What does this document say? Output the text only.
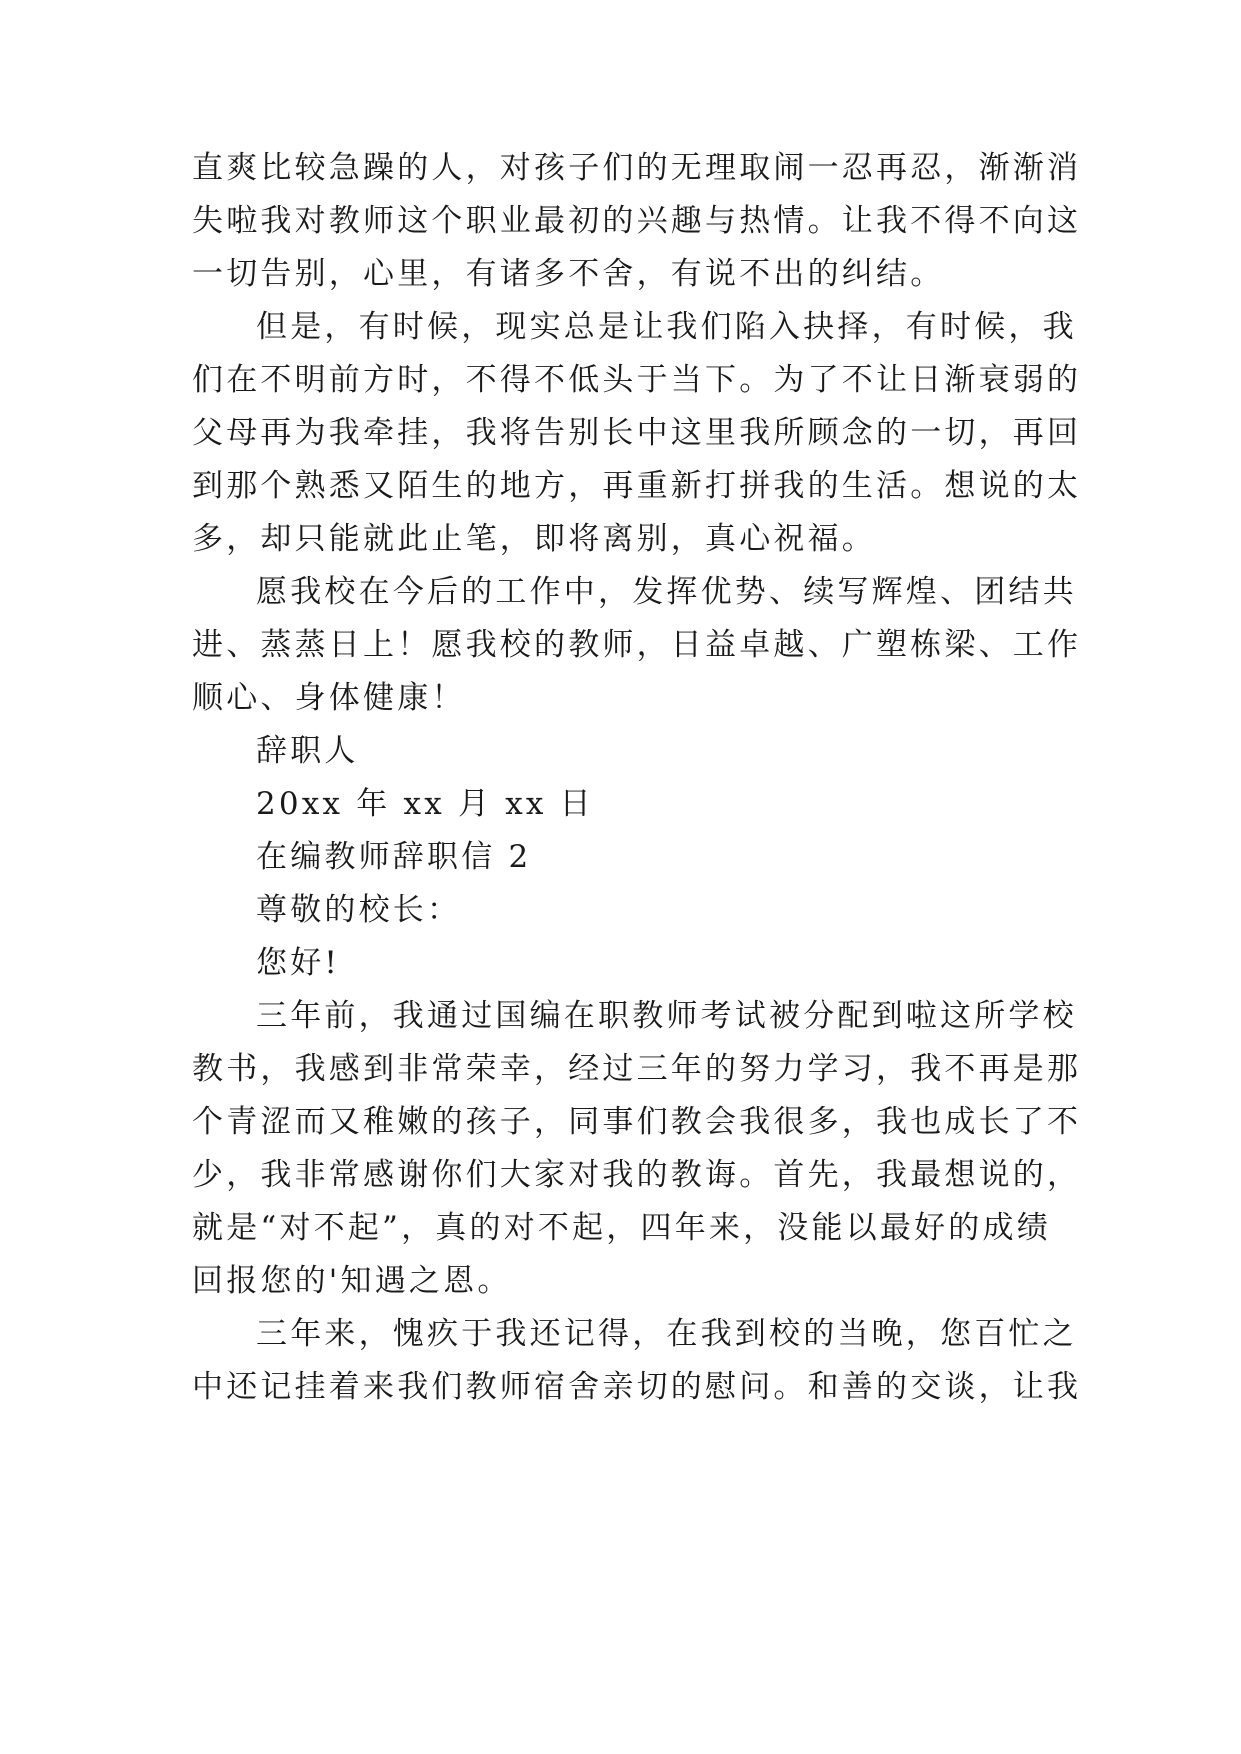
直爽比较急躁的人，对孩子们的无理取闹一忍再忍，渐渐消
失啦我对教师这个职业最初的兴趣与热情。让我不得不向这
一切告别，心里，有诸多不舍，有说不出的纠结。
但是，有时候，现实总是让我们陷入抉择，有时候，我
们在不明前方时，不得不低头于当下。为了不让日渐衰弱的
父母再为我牵挂，我将告别长中这里我所顾念的一切，再回
到那个熟悉又陌生的地方，再重新打拼我的生活。想说的太
多，却只能就此止笔，即将离别，真心祝福。
愿我校在今后的工作中，发挥优势、续写辉煌、团结共
进、蒸蒸日上！愿我校的教师，日益卓越、广塑栋梁、工作
顺心、身体健康！
辞职人
20xx 年 xx 月 xx 日
在编教师辞职信 2
尊敬的校长：
您好!
三年前，我通过国编在职教师考试被分配到啦这所学校
教书，我感到非常荣幸，经过三年的努力学习，我不再是那
个青涩而又稚嫩的孩子，同事们教会我很多，我也成长了不
少，我非常感谢你们大家对我的教诲。首先，我最想说的，
就是“对不起”，真的对不起，四年来，没能以最好的成绩
回报您的'知遇之恩。
三年来，愧疚于我还记得，在我到校的当晚，您百忙之
中还记挂着来我们教师宿舍亲切的慰问。和善的交谈，让我
